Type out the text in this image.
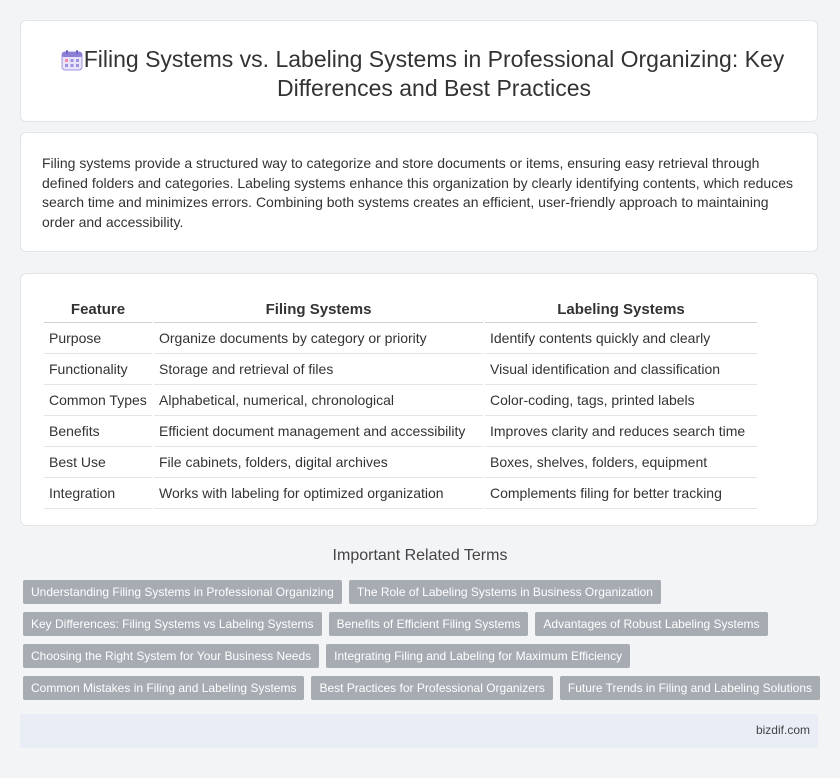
Filing Systems vs. Labeling Systems in Professional Organizing: Key Differences and Best Practices

Filing systems provide a structured way to categorize and store documents or items, ensuring easy retrieval through defined folders and categories. Labeling systems enhance this organization by clearly identifying contents, which reduces search time and minimizes errors. Combining both systems creates an efficient, user-friendly approach to maintaining order and accessibility.

Feature	Filing Systems	Labeling Systems
Purpose	Organize documents by category or priority	Identify contents quickly and clearly
Functionality	Storage and retrieval of files	Visual identification and classification
Common Types	Alphabetical, numerical, chronological	Color-coding, tags, printed labels
Benefits	Efficient document management and accessibility	Improves clarity and reduces search time
Best Use	File cabinets, folders, digital archives	Boxes, shelves, folders, equipment
Integration	Works with labeling for optimized organization	Complements filing for better tracking
Important Related Terms
Understanding Filing Systems in Professional Organizing	The Role of Labeling Systems in Business Organization
Key Differences: Filing Systems vs Labeling Systems	Benefits of Efficient Filing Systems	Advantages of Robust Labeling Systems
Choosing the Right System for Your Business Needs	Integrating Filing and Labeling for Maximum Efficiency
Common Mistakes in Filing and Labeling Systems	Best Practices for Professional Organizers	Future Trends in Filing and Labeling Solutions
bizdif.com
